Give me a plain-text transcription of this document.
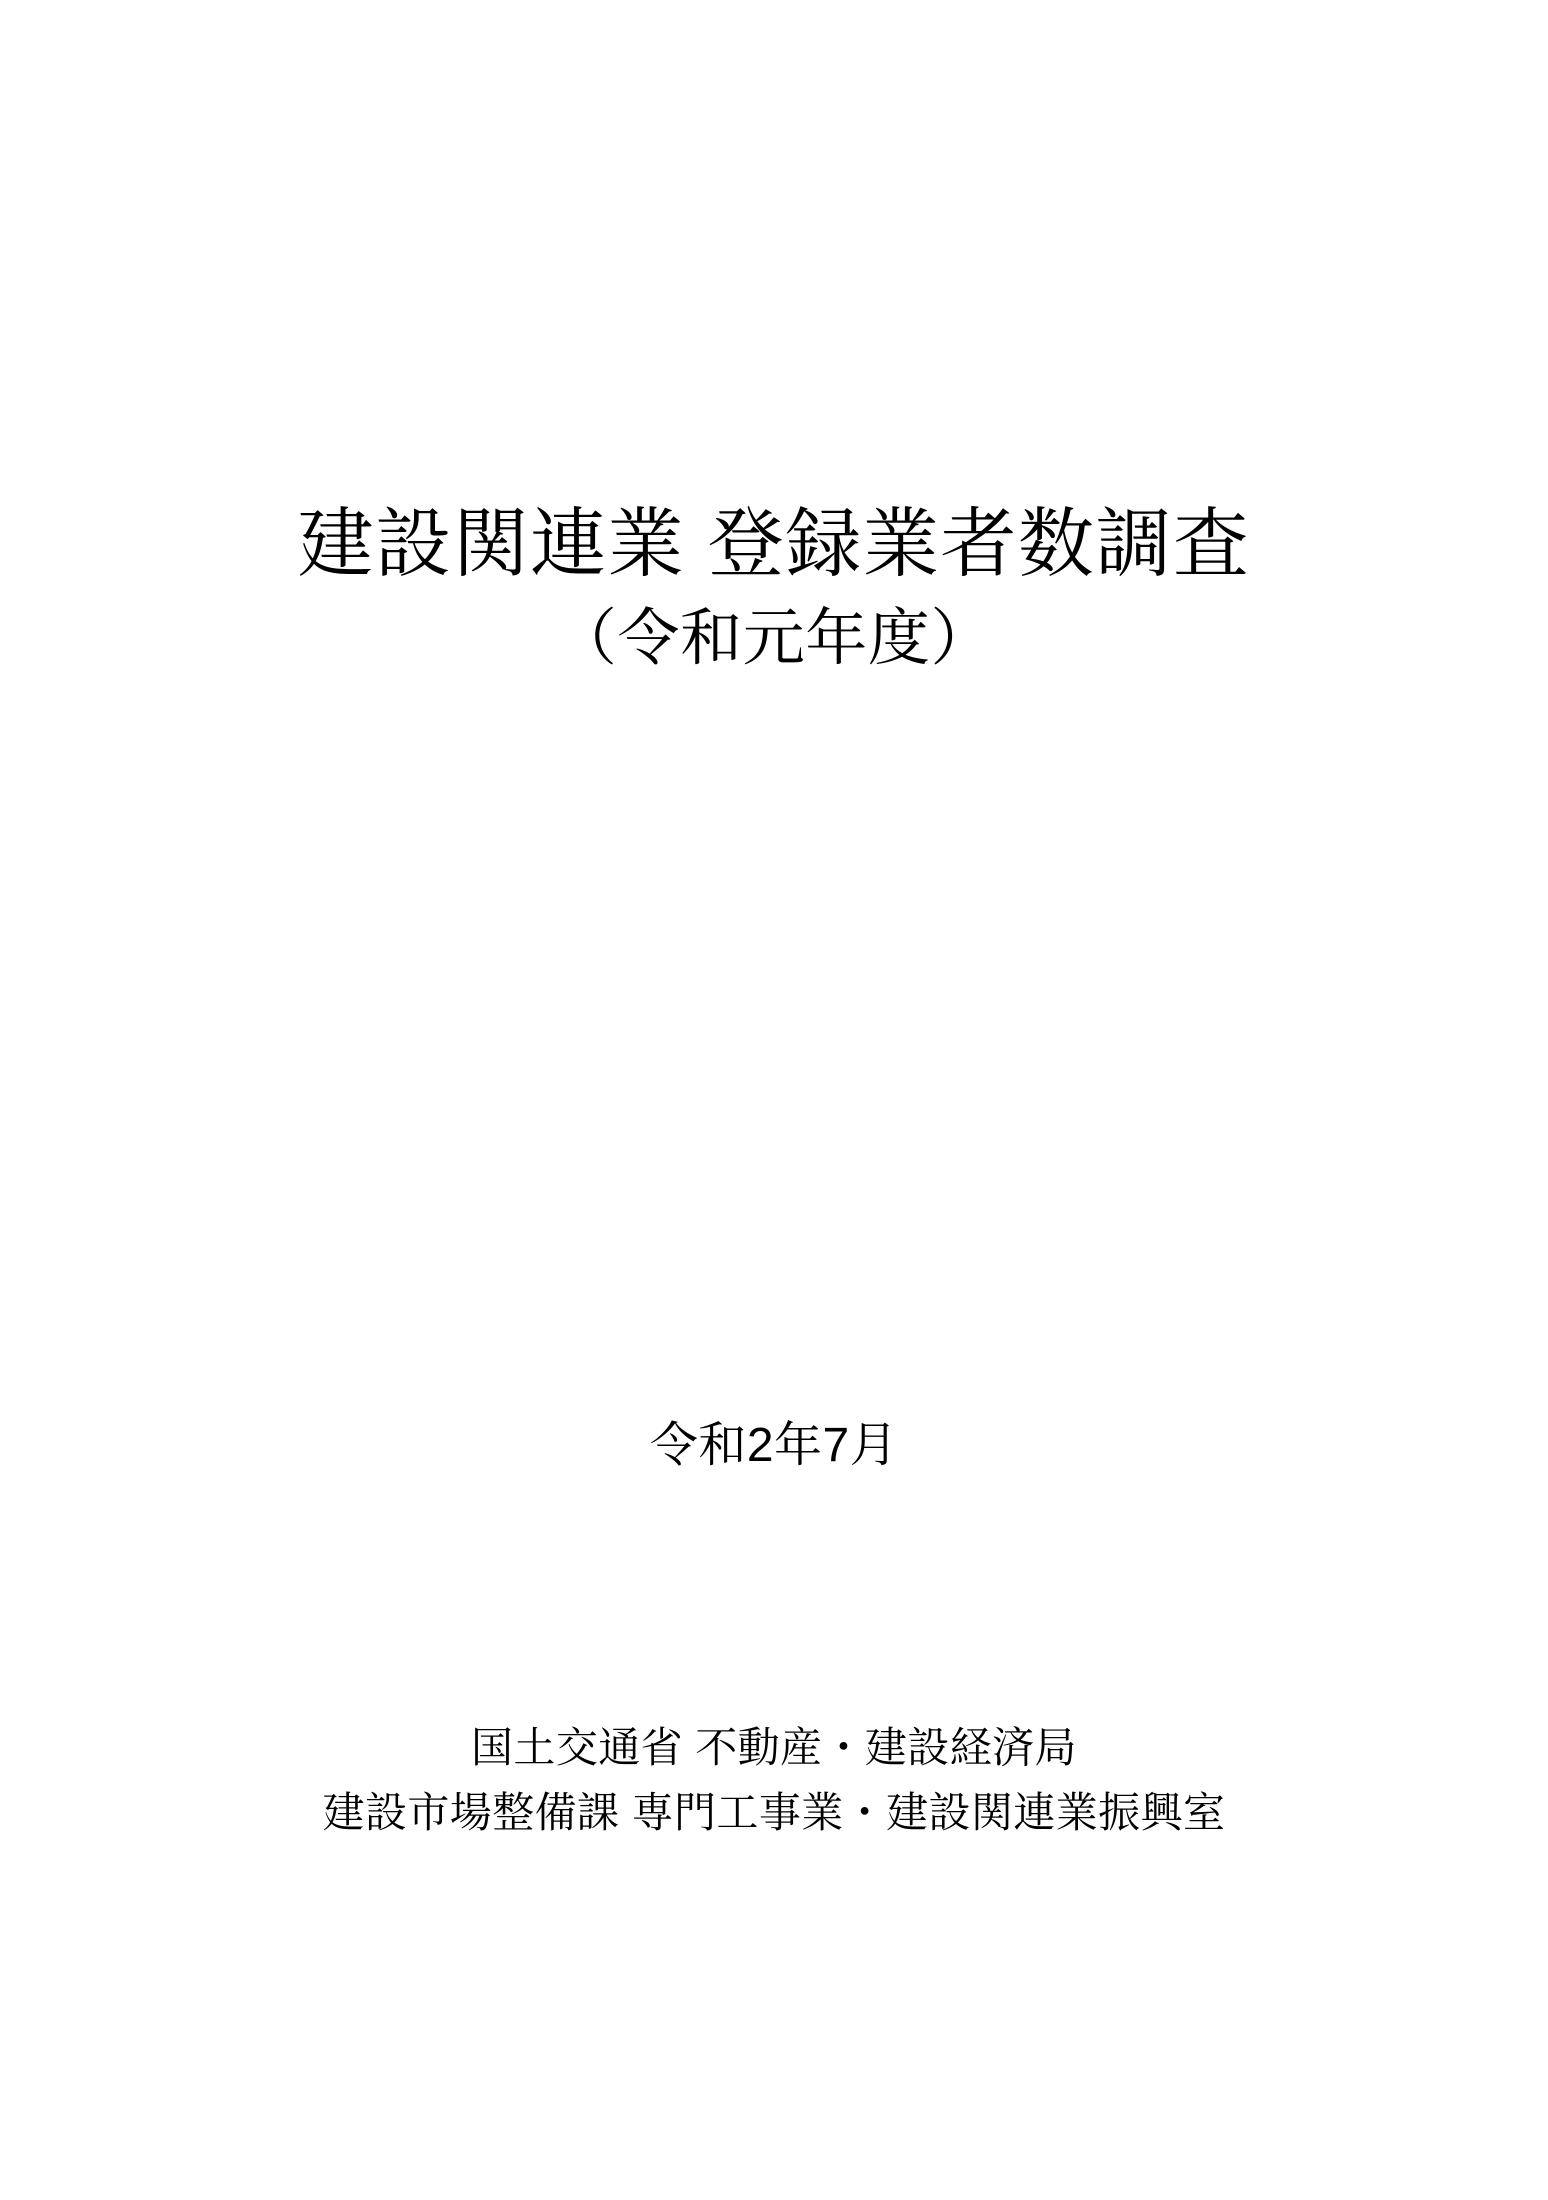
建設関連業 登録業者数調査
（令和元年度）
令和2年7月
国土交通省 不動産・建設経済局
建設市場整備課 専門工事業・建設関連業振興室
